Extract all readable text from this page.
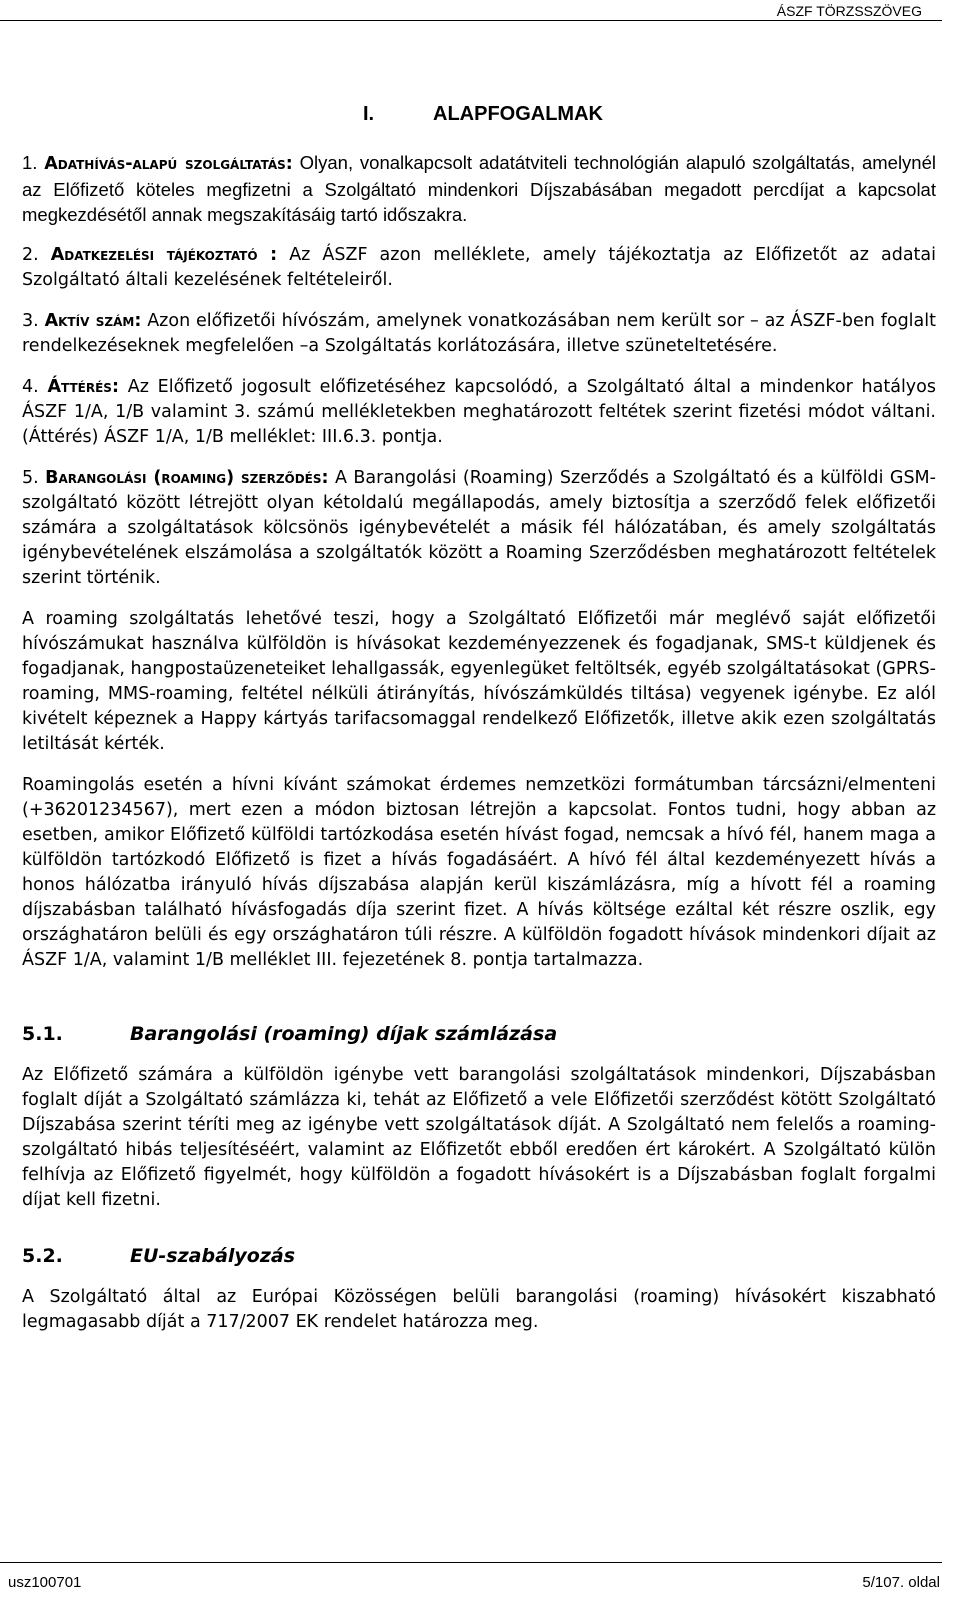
ÁSZF TÖRZSSZÖVEG
I.	ALAPFOGALMAK

1. Adathívás-alapú szolgáltatás: Olyan, vonalkapcsolt adatátviteli technológián alapuló szolgáltatás, amelynél az Előfizető köteles megfizetni a Szolgáltató mindenkori Díjszabásában megadott percdíjat a kapcsolat megkezdésétől annak megszakításáig tartó időszakra.

2. Adatkezelési tájékoztató : Az ÁSZF azon melléklete, amely tájékoztatja az Előfizetőt az adatai Szolgáltató általi kezelésének feltételeiről.

3. Aktív szám: Azon előfizetői hívószám, amelynek vonatkozásában nem került sor – az ÁSZF-ben foglalt rendelkezéseknek megfelelően –a Szolgáltatás korlátozására, illetve szüneteltetésére.

4. Áttérés: Az Előfizető jogosult előfizetéséhez kapcsolódó, a Szolgáltató által a mindenkor hatályos ÁSZF 1/A, 1/B valamint 3. számú mellékletekben meghatározott feltétek szerint fizetési módot váltani. (Áttérés) ÁSZF 1/A, 1/B melléklet: III.6.3. pontja.

5. Barangolási (roaming) szerződés: A Barangolási (Roaming) Szerződés a Szolgáltató és a külföldi GSM-szolgáltató között létrejött olyan kétoldalú megállapodás, amely biztosítja a szerződő felek előfizetői számára a szolgáltatások kölcsönös igénybevételét a másik fél hálózatában, és amely szolgáltatás igénybevételének elszámolása a szolgáltatók között a Roaming Szerződésben meghatározott feltételek szerint történik.

A roaming szolgáltatás lehetővé teszi, hogy a Szolgáltató Előfizetői már meglévő saját előfizetői hívószámukat használva külföldön is hívásokat kezdeményezzenek és fogadjanak, SMS-t küldjenek és fogadjanak, hangpostaüzeneteiket lehallgassák, egyenlegüket feltöltsék, egyéb szolgáltatásokat (GPRS-roaming, MMS-roaming, feltétel nélküli átirányítás, hívószámküldés tiltása) vegyenek igénybe. Ez alól kivételt képeznek a Happy kártyás tarifacsomaggal rendelkező Előfizetők, illetve akik ezen szolgáltatás letiltását kérték.

Roamingolás esetén a hívni kívánt számokat érdemes nemzetközi formátumban tárcsázni/elmenteni (+36201234567), mert ezen a módon biztosan létrejön a kapcsolat. Fontos tudni, hogy abban az esetben, amikor Előfizető külföldi tartózkodása esetén hívást fogad, nemcsak a hívó fél, hanem maga a külföldön tartózkodó Előfizető is fizet a hívás fogadásáért. A hívó fél által kezdeményezett hívás a honos hálózatba irányuló hívás díjszabása alapján kerül kiszámlázásra, míg a hívott fél a roaming díjszabásban található hívásfogadás díja szerint fizet. A hívás költsége ezáltal két részre oszlik, egy országhatáron belüli és egy országhatáron túli részre. A külföldön fogadott hívások mindenkori díjait az ÁSZF 1/A, valamint 1/B melléklet III. fejezetének 8. pontja tartalmazza.

5.1.	Barangolási (roaming) díjak számlázása

Az Előfizető számára a külföldön igénybe vett barangolási szolgáltatások mindenkori, Díjszabásban foglalt díját a Szolgáltató számlázza ki, tehát az Előfizető a vele Előfizetői szerződést kötött Szolgáltató Díjszabása szerint téríti meg az igénybe vett szolgáltatások díját. A Szolgáltató nem felelős a roaming-szolgáltató hibás teljesítéséért, valamint az Előfizetőt ebből eredően ért károkért. A Szolgáltató külön felhívja az Előfizető figyelmét, hogy külföldön a fogadott hívásokért is a Díjszabásban foglalt forgalmi díjat kell fizetni.

5.2.	EU-szabályozás

A Szolgáltató által az Európai Közösségen belüli barangolási (roaming) hívásokért kiszabható legmagasabb díját a 717/2007 EK rendelet határozza meg.

usz100701	5/107. oldal
